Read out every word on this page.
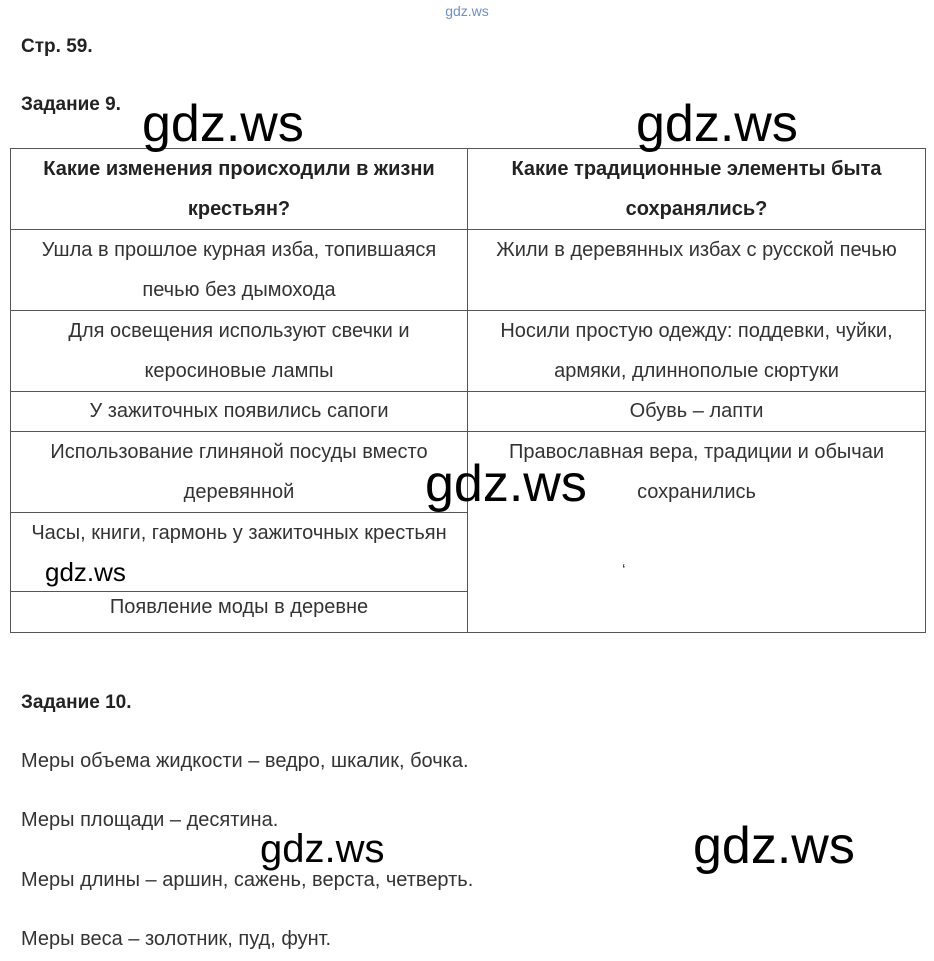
gdz.ws
Стр. 59.
Задание 9.
Какие изменения происходили в жизни крестьян?	Какие традиционные элементы быта сохранялись?
Ушла в прошлое курная изба, топившаяся печью без дымохода	Жили в деревянных избах с русской печью
Для освещения используют свечки и керосиновые лампы	Носили простую одежду: поддевки, чуйки, армяки, длиннополые сюртуки
У зажиточных появились сапоги	Обувь – лапти
Использование глиняной посуды вместо деревянной	Православная вера, традиции и обычаи сохранились
Часы, книги, гармонь у зажиточных крестьян	
Появление моды в деревне	
‘
Задание 10.
Меры объема жидкости – ведро, шкалик, бочка.
Меры площади – десятина.
Меры длины – аршин, сажень, верста, четверть.
Меры веса – золотник, пуд, фунт.
gdz.ws	gdz.ws
gdz.ws
gdz.ws
gdz.ws	gdz.ws
